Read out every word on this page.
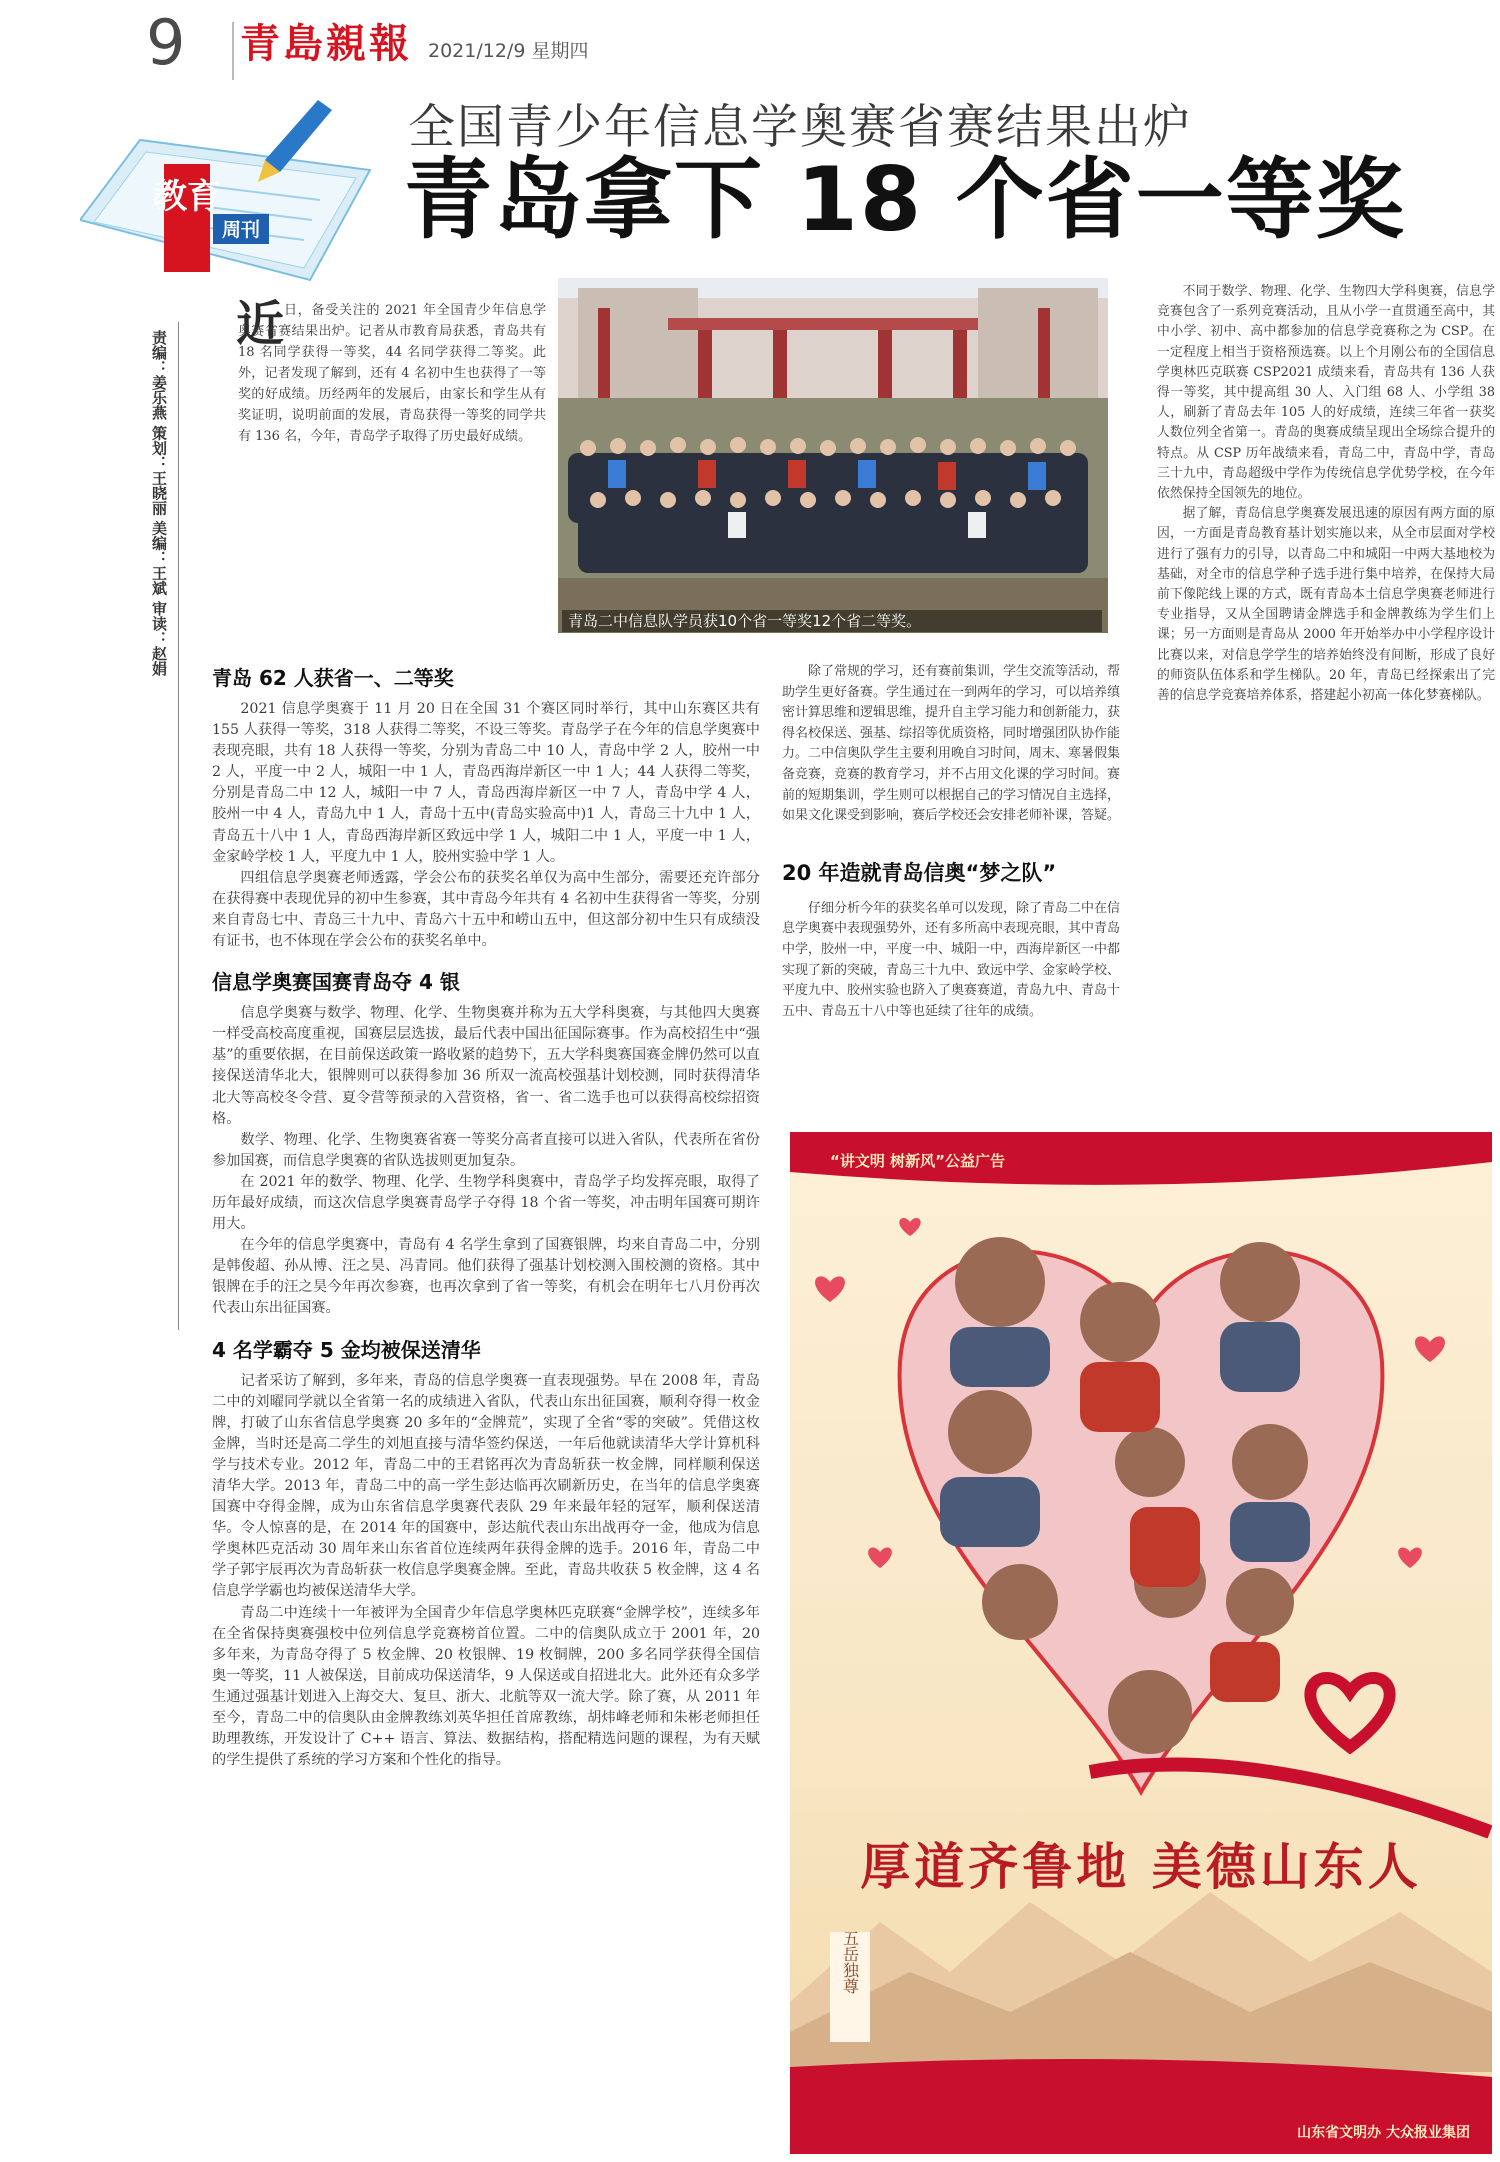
9 青島親報 2021/12/9 星期四
教育
周刊
全国青少年信息学奥赛省赛结果出炉
青岛拿下 18 个省一等奖
责编：姜乐燕 策划：王晓丽 美编：王斌 审读：赵娟
近 日，备受关注的 2021 年全国青少年信息学奥赛省赛结果出炉。记者从市教育局获悉，青岛共有 18 名同学获得一等奖，44 名同学获得二等奖。此外，记者发现了解到，还有 4 名初中生也获得了一等奖的好成绩。历经两年的发展后，由家长和学生从有奖证明，说明前面的发展，青岛获得一等奖的同学共有 136 名，今年，青岛学子取得了历史最好成绩。
青岛二中信息队学员获10个省一等奖12个省二等奖。
青岛 62 人获省一、二等奖

2021 信息学奥赛于 11 月 20 日在全国 31 个赛区同时举行，其中山东赛区共有 155 人获得一等奖，318 人获得二等奖，不设三等奖。青岛学子在今年的信息学奥赛中表现亮眼，共有 18 人获得一等奖，分别为青岛二中 10 人，青岛中学 2 人，胶州一中 2 人，平度一中 2 人，城阳一中 1 人，青岛西海岸新区一中 1 人；44 人获得二等奖，分别是青岛二中 12 人，城阳一中 7 人，青岛西海岸新区一中 7 人，青岛中学 4 人，胶州一中 4 人，青岛九中 1 人，青岛十五中(青岛实验高中)1 人，青岛三十九中 1 人，青岛五十八中 1 人，青岛西海岸新区致远中学 1 人，城阳二中 1 人，平度一中 1 人，金家岭学校 1 人，平度九中 1 人，胶州实验中学 1 人。

四组信息学奥赛老师透露，学会公布的获奖名单仅为高中生部分，需要还充许部分在获得赛中表现优异的初中生参赛，其中青岛今年共有 4 名初中生获得省一等奖，分别来自青岛七中、青岛三十九中、青岛六十五中和崂山五中，但这部分初中生只有成绩没有证书，也不体现在学会公布的获奖名单中。

信息学奥赛国赛青岛夺 4 银

信息学奥赛与数学、物理、化学、生物奥赛并称为五大学科奥赛，与其他四大奥赛一样受高校高度重视，国赛层层选拔，最后代表中国出征国际赛事。作为高校招生中“强基”的重要依据，在目前保送政策一路收紧的趋势下，五大学科奥赛国赛金牌仍然可以直接保送清华北大，银牌则可以获得参加 36 所双一流高校强基计划校测，同时获得清华北大等高校冬令营、夏令营等预录的入营资格，省一、省二选手也可以获得高校综招资格。

数学、物理、化学、生物奥赛省赛一等奖分高者直接可以进入省队，代表所在省份参加国赛，而信息学奥赛的省队选拔则更加复杂。

在 2021 年的数学、物理、化学、生物学科奥赛中，青岛学子均发挥亮眼，取得了历年最好成绩，而这次信息学奥赛青岛学子夺得 18 个省一等奖，冲击明年国赛可期许用大。

在今年的信息学奥赛中，青岛有 4 名学生拿到了国赛银牌，均来自青岛二中，分别是韩俊超、孙从博、汪之昊、冯青同。他们获得了强基计划校测入围校测的资格。其中银牌在手的汪之昊今年再次参赛，也再次拿到了省一等奖，有机会在明年七八月份再次代表山东出征国赛。

4 名学霸夺 5 金均被保送清华

记者采访了解到，多年来，青岛的信息学奥赛一直表现强势。早在 2008 年，青岛二中的刘曜同学就以全省第一名的成绩进入省队，代表山东出征国赛，顺利夺得一枚金牌，打破了山东省信息学奥赛 20 多年的“金牌荒”，实现了全省“零的突破”。凭借这枚金牌，当时还是高二学生的刘旭直接与清华签约保送，一年后他就读清华大学计算机科学与技术专业。2012 年，青岛二中的王君铭再次为青岛斩获一枚金牌，同样顺利保送清华大学。2013 年，青岛二中的高一学生彭达临再次刷新历史，在当年的信息学奥赛国赛中夺得金牌，成为山东省信息学奥赛代表队 29 年来最年轻的冠军，顺利保送清华。令人惊喜的是，在 2014 年的国赛中，彭达航代表山东出战再夺一金，他成为信息学奥林匹克活动 30 周年来山东省首位连续两年获得金牌的选手。2016 年，青岛二中学子郭宇辰再次为青岛斩获一枚信息学奥赛金牌。至此，青岛共收获 5 枚金牌，这 4 名信息学学霸也均被保送清华大学。

青岛二中连续十一年被评为全国青少年信息学奥林匹克联赛“金牌学校”，连续多年在全省保持奥赛强校中位列信息学竞赛榜首位置。二中的信奥队成立于 2001 年，20 多年来，为青岛夺得了 5 枚金牌、20 枚银牌、19 枚铜牌，200 多名同学获得全国信奥一等奖，11 人被保送，目前成功保送清华，9 人保送或自招进北大。此外还有众多学生通过强基计划进入上海交大、复旦、浙大、北航等双一流大学。除了赛，从 2011 年至今，青岛二中的信奥队由金牌教练刘英华担任首席教练，胡炜峰老师和朱彬老师担任助理教练，开发设计了 C++ 语言、算法、数据结构，搭配精选问题的课程，为有天赋的学生提供了系统的学习方案和个性化的指导。

除了常规的学习，还有赛前集训，学生交流等活动，帮助学生更好备赛。学生通过在一到两年的学习，可以培养缜密计算思维和逻辑思维，提升自主学习能力和创新能力，获得名校保送、强基、综招等优质资格，同时增强团队协作能力。二中信奥队学生主要利用晚自习时间，周末、寒暑假集备竞赛，竞赛的教育学习，并不占用文化课的学习时间。赛前的短期集训，学生则可以根据自己的学习情况自主选择，如果文化课受到影响，赛后学校还会安排老师补课，答疑。

20 年造就青岛信奥“梦之队”

仔细分析今年的获奖名单可以发现，除了青岛二中在信息学奥赛中表现强势外，还有多所高中表现亮眼，其中青岛中学，胶州一中，平度一中、城阳一中，西海岸新区一中都实现了新的突破，青岛三十九中、致远中学、金家岭学校、平度九中、胶州实验也跻入了奥赛赛道，青岛九中、青岛十五中、青岛五十八中等也延续了往年的成绩。

不同于数学、物理、化学、生物四大学科奥赛，信息学竞赛包含了一系列竞赛活动，且从小学一直贯通至高中，其中小学、初中、高中都参加的信息学竞赛称之为 CSP。在一定程度上相当于资格预选赛。以上个月刚公布的全国信息学奥林匹克联赛 CSP2021 成绩来看，青岛共有 136 人获得一等奖，其中提高组 30 人、入门组 68 人、小学组 38 人，刷新了青岛去年 105 人的好成绩，连续三年省一获奖人数位列全省第一。青岛的奥赛成绩呈现出全场综合提升的特点。从 CSP 历年战绩来看，青岛二中，青岛中学，青岛三十九中，青岛超级中学作为传统信息学优势学校，在今年依然保持全国领先的地位。

据了解，青岛信息学奥赛发展迅速的原因有两方面的原因，一方面是青岛教育基计划实施以来，从全市层面对学校进行了强有力的引导，以青岛二中和城阳一中两大基地校为基础，对全市的信息学种子选手进行集中培养，在保持大局前下像陀线上课的方式，既有青岛本土信息学奥赛老师进行专业指导，又从全国聘请金牌选手和金牌教练为学生们上课；另一方面则是青岛从 2000 年开始举办中小学程序设计比赛以来，对信息学学生的培养始终没有间断，形成了良好的师资队伍体系和学生梯队。20 年，青岛已经探索出了完善的信息学竞赛培养体系，搭建起小初高一体化梦赛梯队。

“讲文明 树新风”公益广告
厚道齐鲁地 美德山东人
五岳独尊
山东省文明办 大众报业集团
